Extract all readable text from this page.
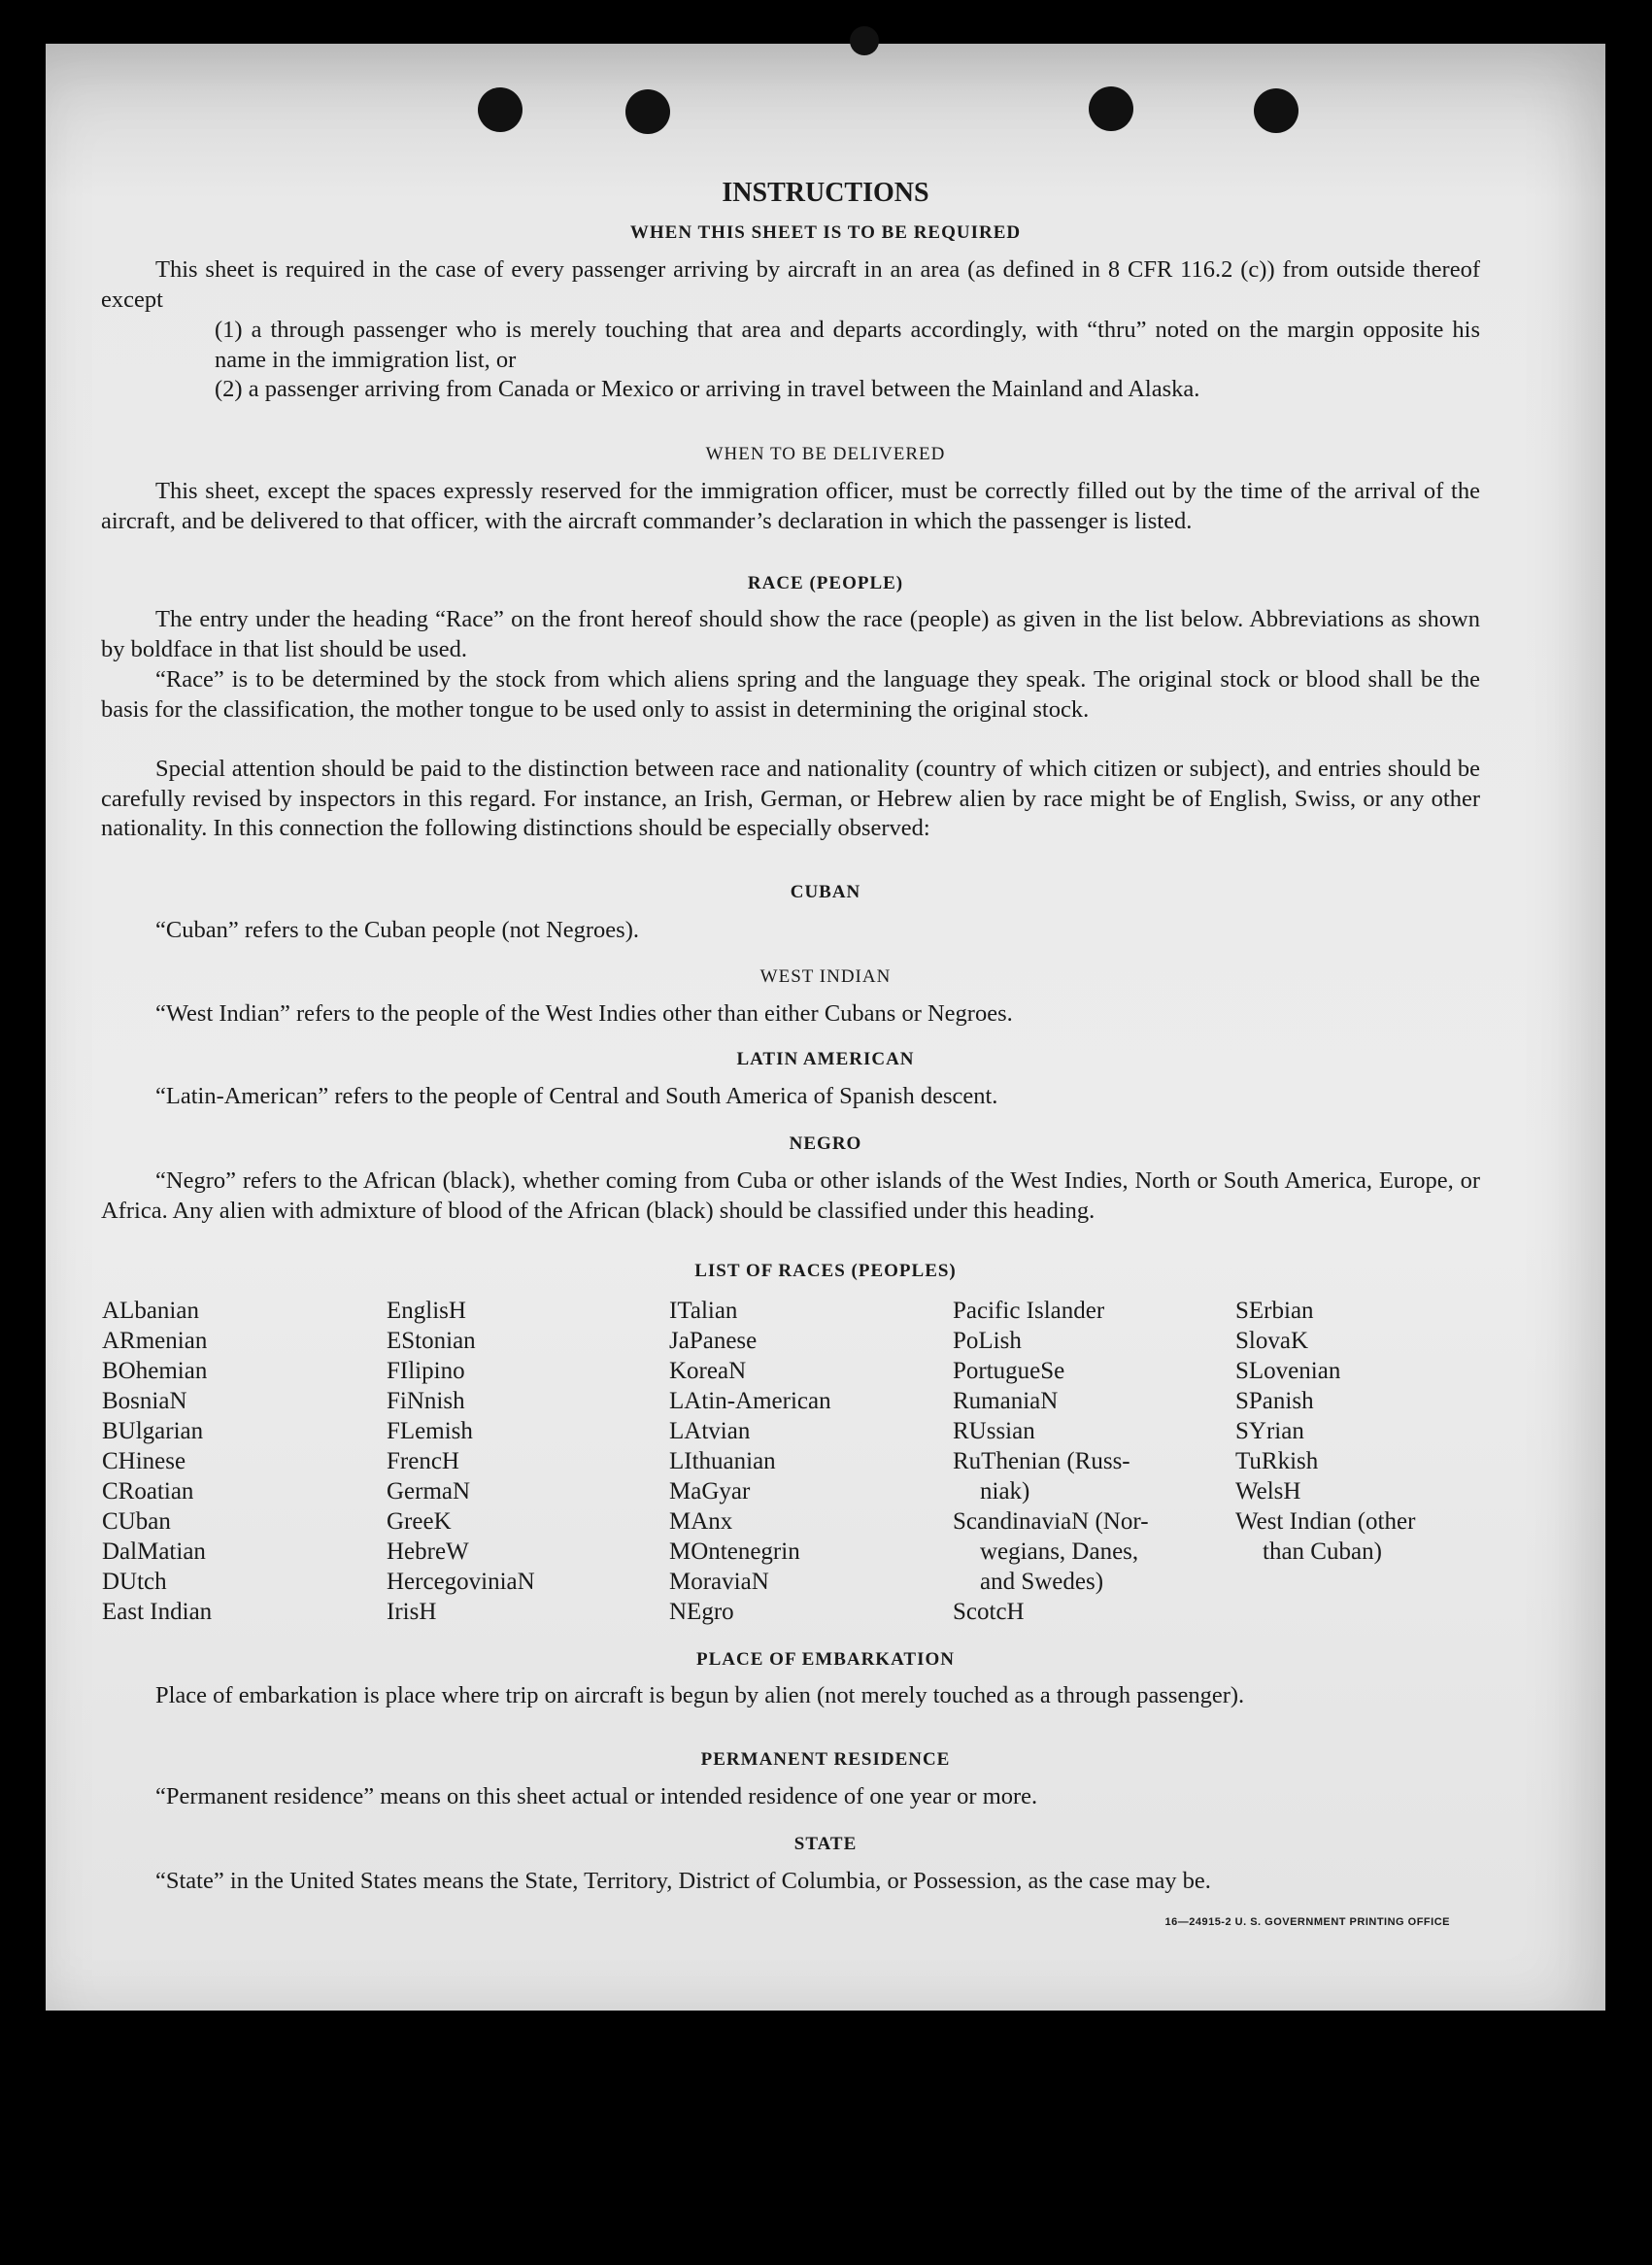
INSTRUCTIONS
WHEN THIS SHEET IS TO BE REQUIRED

This sheet is required in the case of every passenger arriving by aircraft in an area (as defined in 8 CFR 116.2 (c)) from outside thereof except

(1) a through passenger who is merely touching that area and departs accordingly, with “thru” noted on the margin opposite his name in the immigration list, or

(2) a passenger arriving from Canada or Mexico or arriving in travel between the Mainland and Alaska.

WHEN TO BE DELIVERED

This sheet, except the spaces expressly reserved for the immigration officer, must be correctly filled out by the time of the arrival of the aircraft, and be delivered to that officer, with the aircraft commander’s declaration in which the passenger is listed.

RACE (PEOPLE)

The entry under the heading “Race” on the front hereof should show the race (people) as given in the list below. Abbreviations as shown by boldface in that list should be used.

“Race” is to be determined by the stock from which aliens spring and the language they speak. The original stock or blood shall be the basis for the classification, the mother tongue to be used only to assist in determining the original stock.

Special attention should be paid to the distinction between race and nationality (country of which citizen or subject), and entries should be carefully revised by inspectors in this regard. For instance, an Irish, German, or Hebrew alien by race might be of English, Swiss, or any other nationality. In this connection the following distinctions should be especially observed:

CUBAN

“Cuban” refers to the Cuban people (not Negroes).

WEST INDIAN

“West Indian” refers to the people of the West Indies other than either Cubans or Negroes.

LATIN AMERICAN

“Latin-American” refers to the people of Central and South America of Spanish descent.

NEGRO

“Negro” refers to the African (black), whether coming from Cuba or other islands of the West Indies, North or South America, Europe, or Africa. Any alien with admixture of blood of the African (black) should be classified under this heading.

LIST OF RACES (PEOPLES)
ALbanian
ARmenian
BOhemian
BosniaN
BUlgarian
CHinese
CRoatian
CUban
DalMatian
DUtch
East Indian
EnglisH
EStonian
FIlipino
FiNnish
FLemish
FrencH
GermaN
GreeK
HebreW
HercegoviniaN
IrisH
ITalian
JaPanese
KoreaN
LAtin-American
LAtvian
LIthuanian
MaGyar
MAnx
MOntenegrin
MoraviaN
NEgro
Pacific Islander
PoLish
PortugueSe
RumaniaN
RUssian
RuThenian (Russ-
niak)
ScandinaviaN (Nor-
wegians, Danes,
and Swedes)
ScotcH
SErbian
SlovaK
SLovenian
SPanish
SYrian
TuRkish
WelsH
West Indian (other
than Cuban)
PLACE OF EMBARKATION

Place of embarkation is place where trip on aircraft is begun by alien (not merely touched as a through passenger).

PERMANENT RESIDENCE

“Permanent residence” means on this sheet actual or intended residence of one year or more.

STATE

“State” in the United States means the State, Territory, District of Columbia, or Possession, as the case may be.

16—24915-2 U. S. GOVERNMENT PRINTING OFFICE
